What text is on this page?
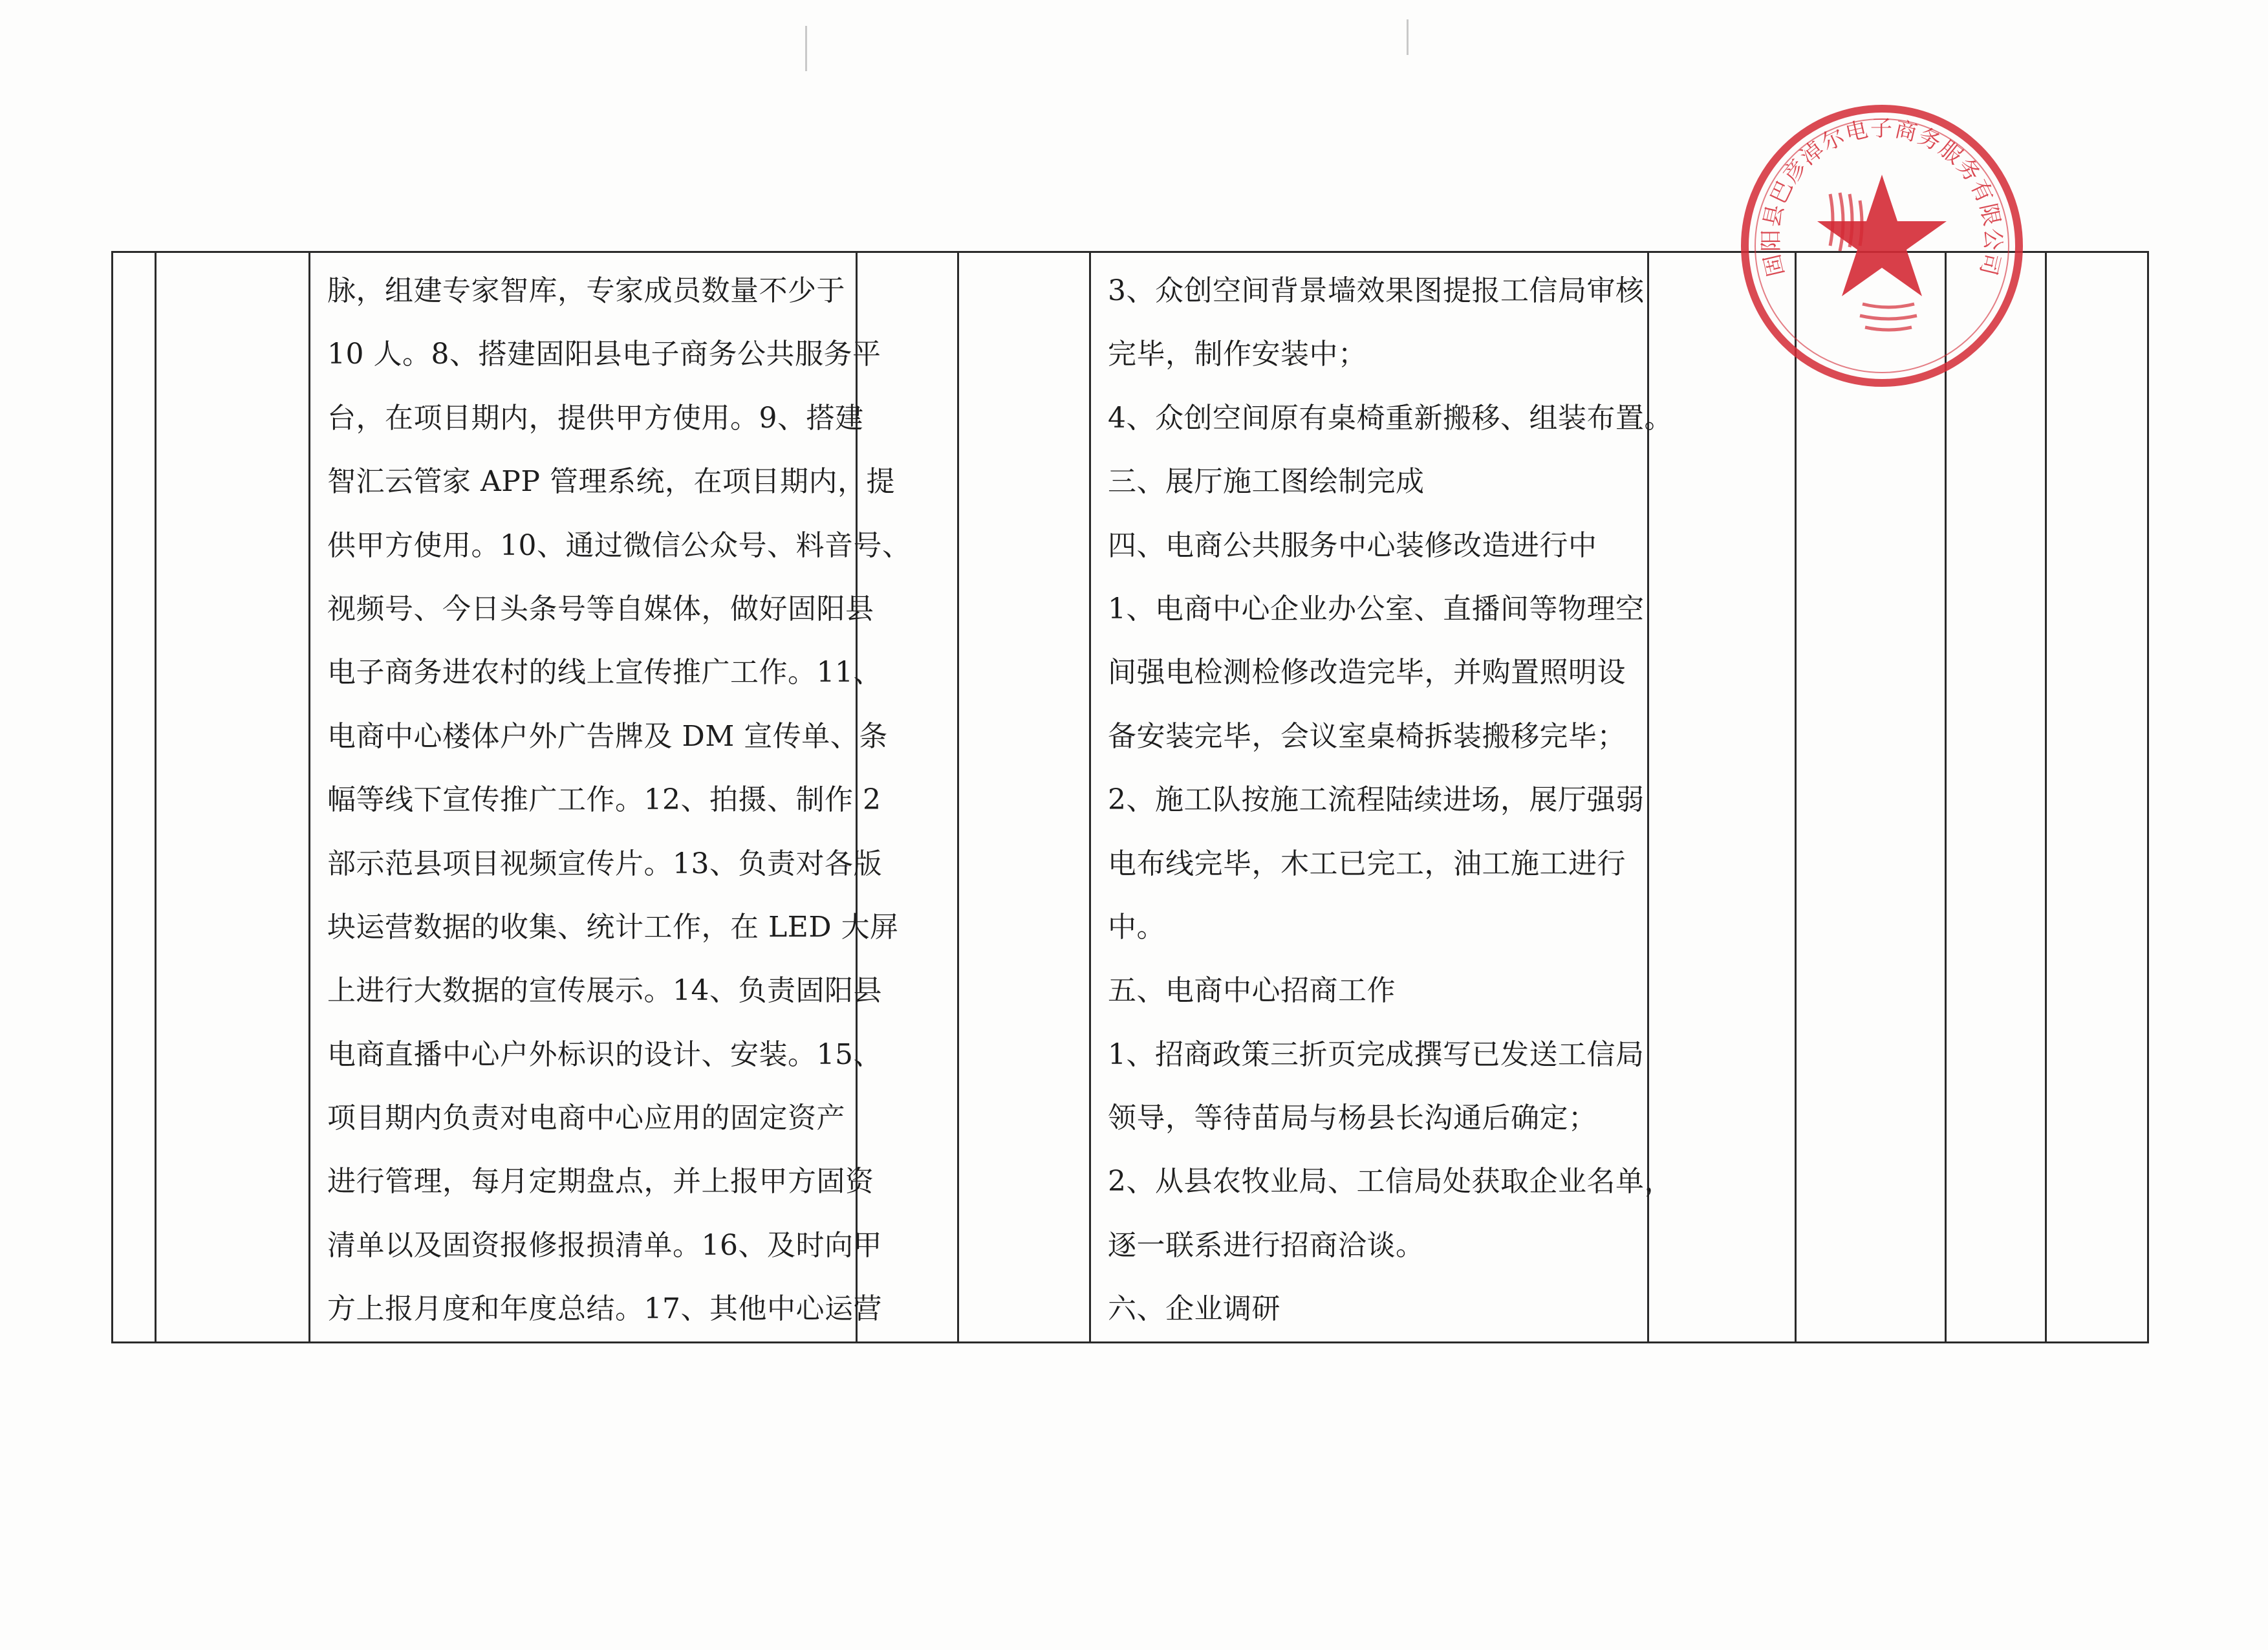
脉，组建专家智库，专家成员数量不少于
10 人。8、搭建固阳县电子商务公共服务平
台，在项目期内，提供甲方使用。9、搭建
智汇云管家 APP 管理系统，在项目期内，提
供甲方使用。10、通过微信公众号、料音号、
视频号、今日头条号等自媒体，做好固阳县
电子商务进农村的线上宣传推广工作。11、
电商中心楼体户外广告牌及 DM 宣传单、条
幅等线下宣传推广工作。12、拍摄、制作 2
部示范县项目视频宣传片。13、负责对各版
块运营数据的收集、统计工作，在 LED 大屏
上进行大数据的宣传展示。14、负责固阳县
电商直播中心户外标识的设计、安装。15、
项目期内负责对电商中心应用的固定资产
进行管理，每月定期盘点，并上报甲方固资
清单以及固资报修报损清单。16、及时向甲
方上报月度和年度总结。17、其他中心运营

3、众创空间背景墙效果图提报工信局审核
完毕，制作安装中；
4、众创空间原有桌椅重新搬移、组装布置。
三、展厅施工图绘制完成
四、电商公共服务中心装修改造进行中
1、电商中心企业办公室、直播间等物理空
间强电检测检修改造完毕，并购置照明设
备安装完毕，会议室桌椅拆装搬移完毕；
2、施工队按施工流程陆续进场，展厅强弱
电布线完毕，木工已完工，油工施工进行
中。
五、电商中心招商工作
1、招商政策三折页完成撰写已发送工信局
领导，等待苗局与杨县长沟通后确定；
2、从县农牧业局、工信局处获取企业名单，
逐一联系进行招商洽谈。
六、企业调研

固阳县巴彦淖尔电子商务服务有限公司
